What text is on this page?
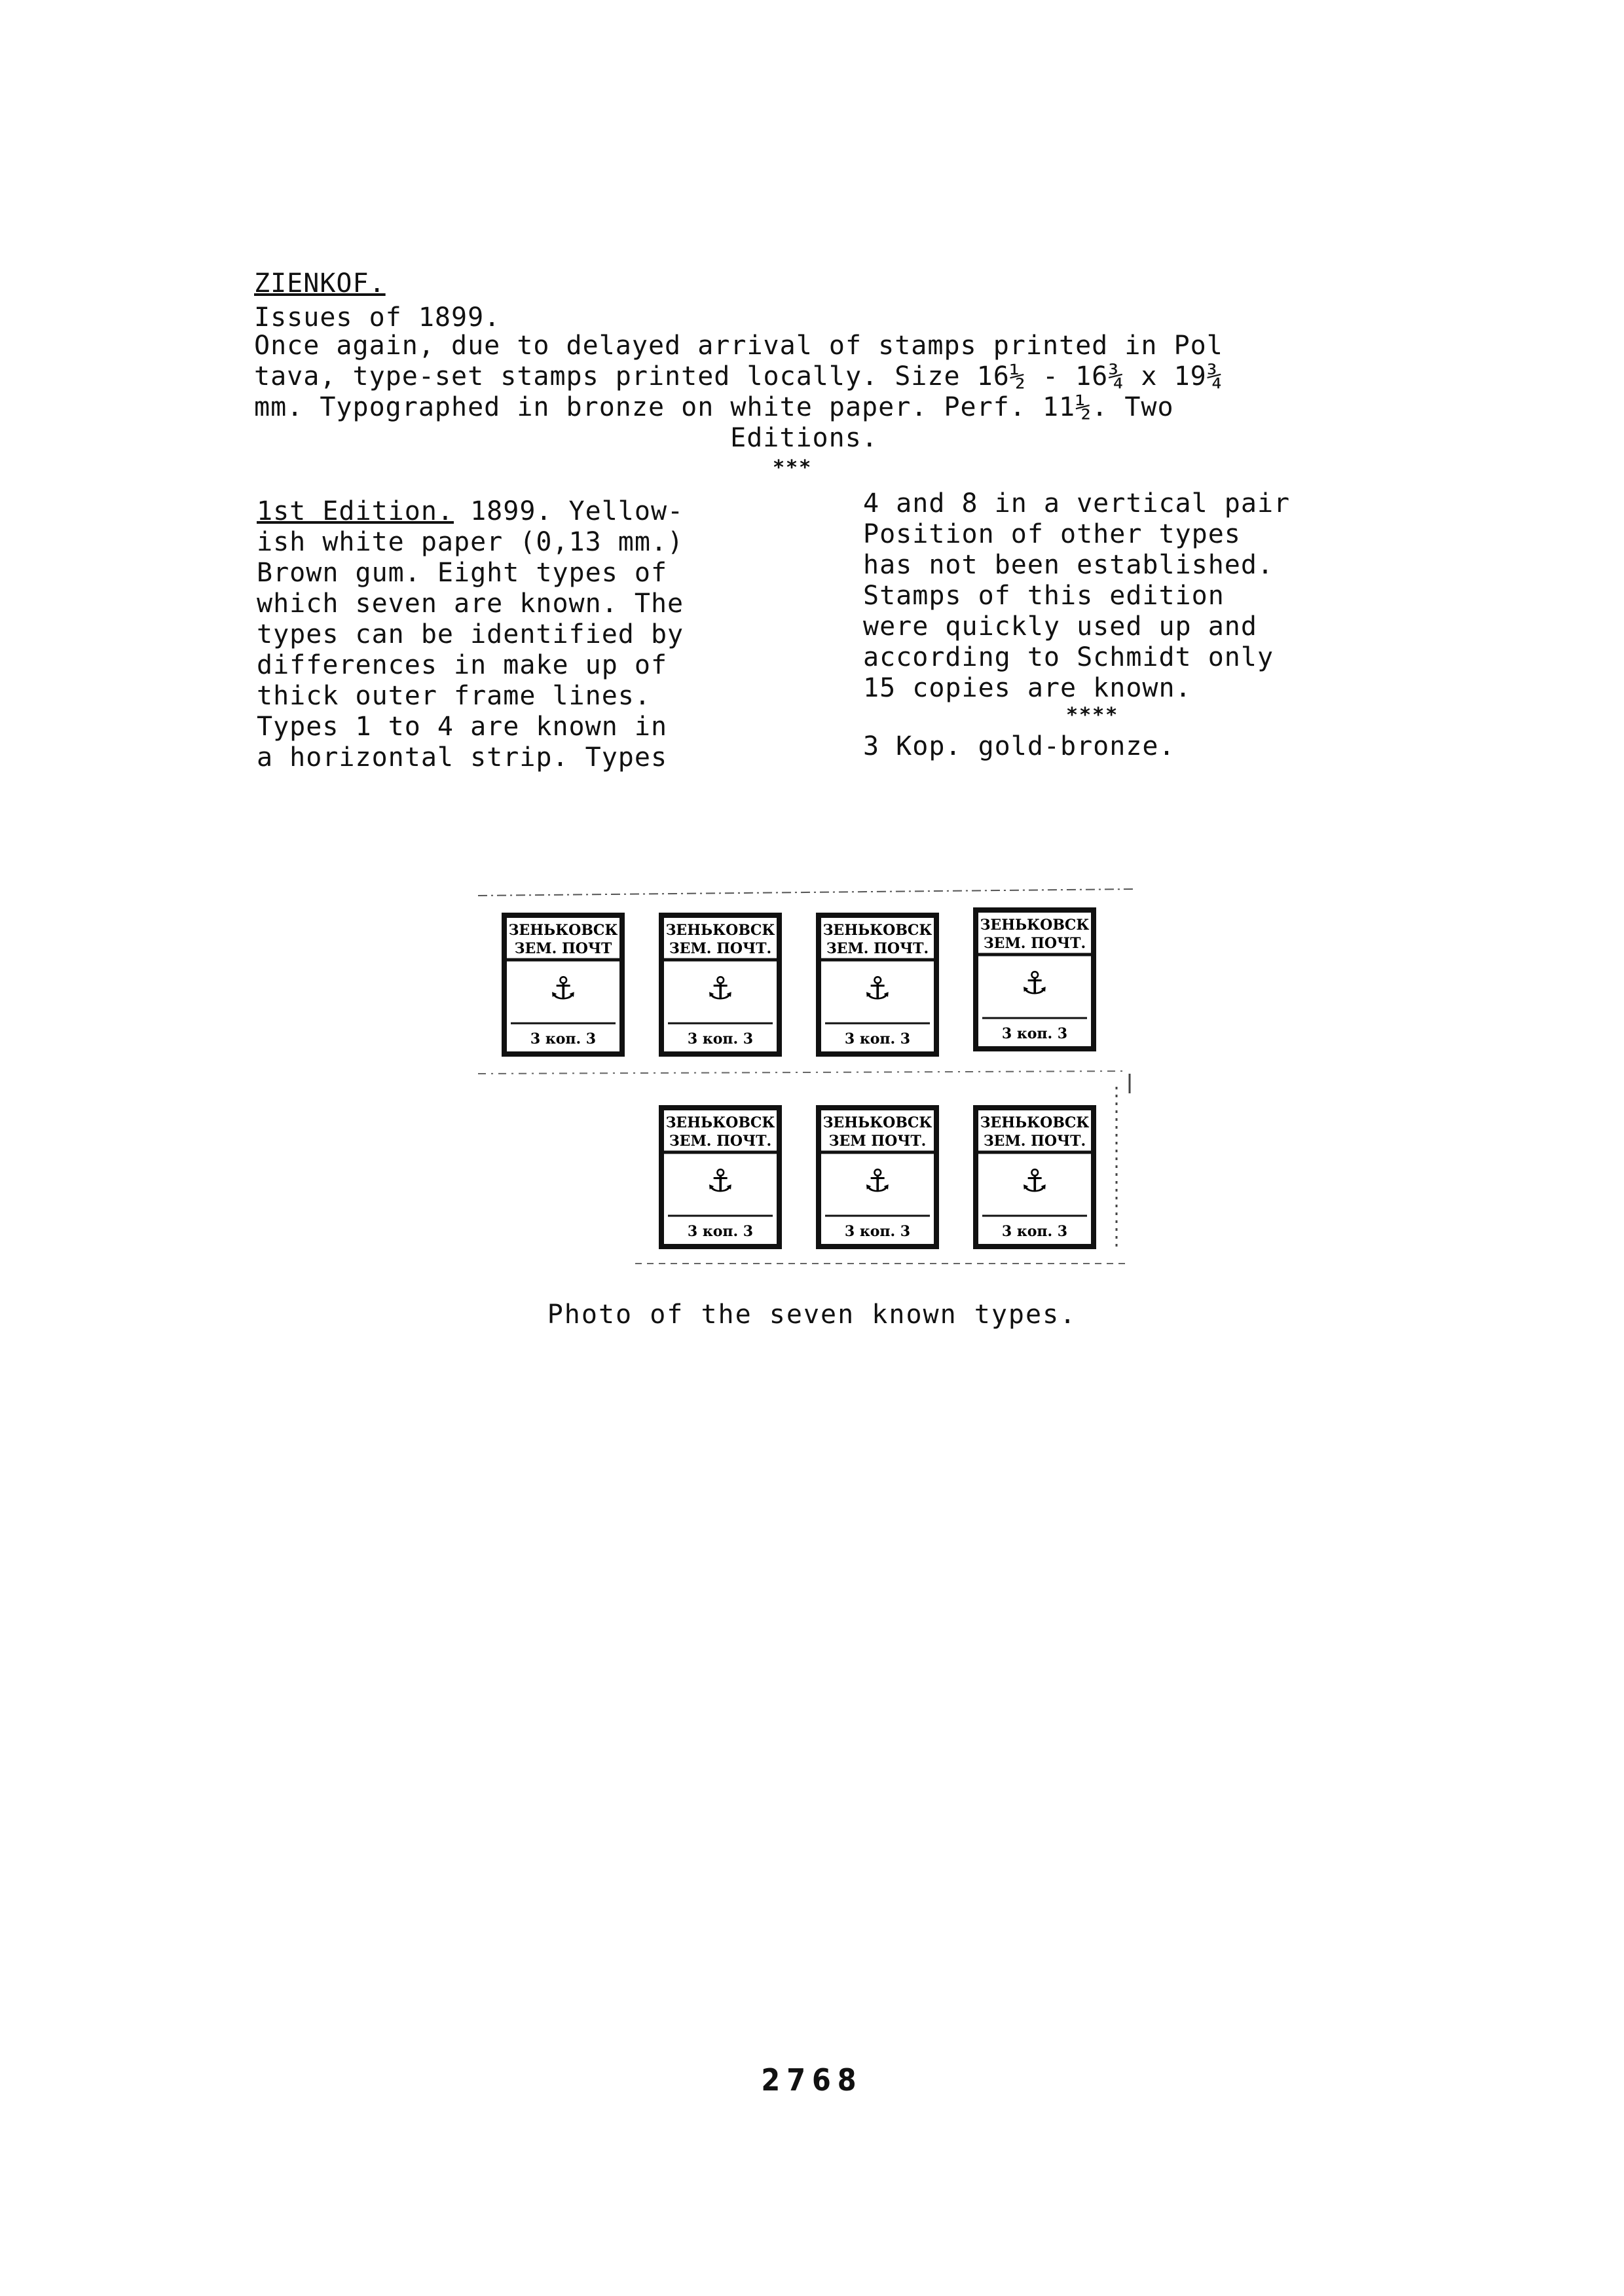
ZIENKOF.
Issues of 1899.
Once again, due to delayed arrival of stamps printed in Pol
tava, type-set stamps printed locally. Size 16½ - 16¾ x 19¾
mm. Typographed in bronze on white paper. Perf. 11½. Two
Editions.
***
1st Edition. 1899. Yellow-
ish white paper (0,13 mm.)
Brown gum. Eight types of
which seven are known. The
types can be identified by
differences in make up of
thick outer frame lines.
Types 1 to 4 are known in
a horizontal strip. Types
4 and 8 in a vertical pair
Position of other types
has not been established.
Stamps of this edition
were quickly used up and
according to Schmidt only
15 copies are known.
****
3 Kop. gold-bronze.
ЗЕНЬКОВСК
ЗЕМ. ПОЧТ
⚓
3 коп. 3
ЗЕНЬКОВСК
ЗЕМ. ПОЧТ.
⚓
3 коп. 3
ЗЕНЬКОВСК
ЗЕМ. ПОЧТ.
⚓
3 коп. 3
ЗЕНЬКОВСК
ЗЕМ. ПОЧТ.
⚓
3 коп. 3
ЗЕНЬКОВСК
ЗЕМ. ПОЧТ.
⚓
3 коп. 3
ЗЕНЬКОВСК
ЗЕМ ПОЧТ.
⚓
3 коп. 3
ЗЕНЬКОВСК
ЗЕМ. ПОЧТ.
⚓
3 коп. 3
Photo of the seven known types.
2768
